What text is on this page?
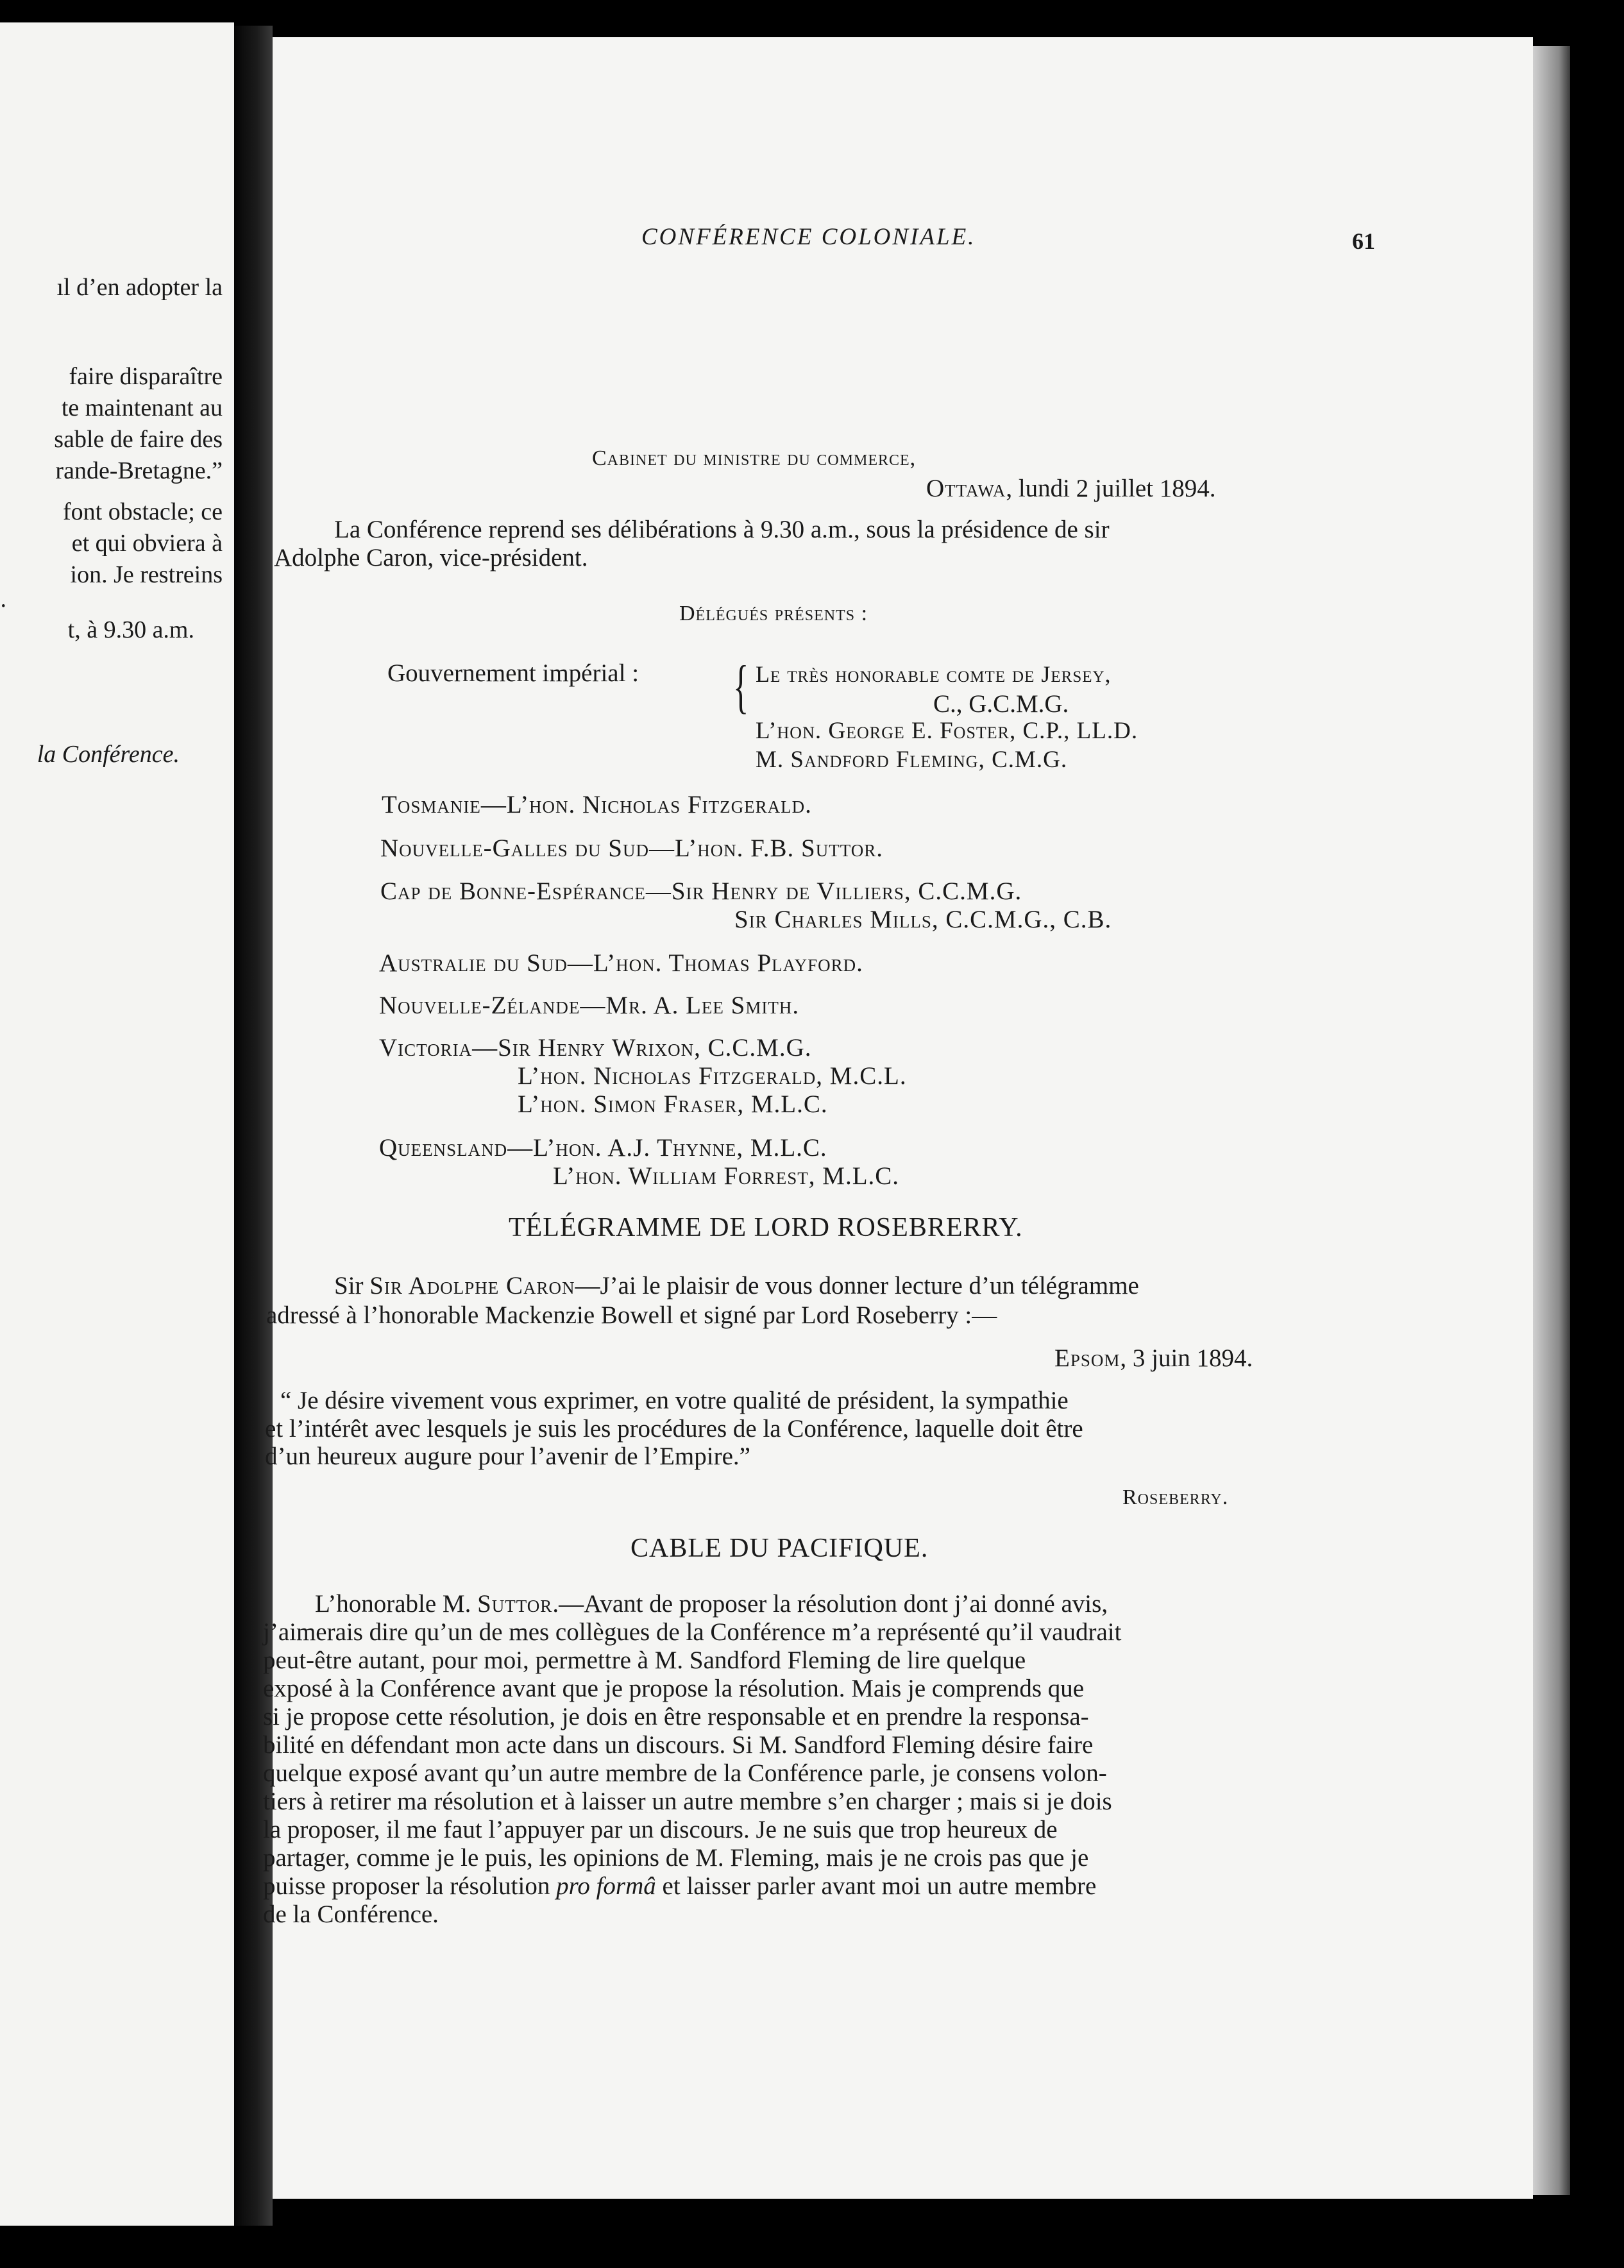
ıl d’en adopter la
faire disparaître
te maintenant au
sable de faire des
rande-Bretagne.”
font obstacle; ce
et qui obviera à
ion. Je restreins
.
t, à 9.30 a.m.
la Conférence.
CONFÉRENCE COLONIALE.	61
Cabinet du ministre du commerce,
Ottawa, lundi 2 juillet 1894.
La Conférence reprend ses délibérations à 9.30 a.m., sous la présidence de sir
Adolphe Caron, vice-président.
Délégués présents :
Gouvernement impérial : { Le très honorable comte de Jersey,
C., G.C.M.G.
L’hon. George E. Foster, C.P., LL.D.
M. Sandford Fleming, C.M.G.
Tosmanie—L’hon. Nicholas Fitzgerald.
Nouvelle-Galles du Sud—L’hon. F.B. Suttor.
Cap de Bonne-Espérance—Sir Henry de Villiers, C.C.M.G.
Sir Charles Mills, C.C.M.G., C.B.
Australie du Sud—L’hon. Thomas Playford.
Nouvelle-Zélande—Mr. A. Lee Smith.
Victoria—Sir Henry Wrixon, C.C.M.G.
L’hon. Nicholas Fitzgerald, M.C.L.
L’hon. Simon Fraser, M.L.C.
Queensland—L’hon. A.J. Thynne, M.L.C.
L’hon. William Forrest, M.L.C.
TÉLÉGRAMME DE LORD ROSEBRERRY.
Sir Sir Adolphe Caron—J’ai le plaisir de vous donner lecture d’un télégramme
adressé à l’honorable Mackenzie Bowell et signé par Lord Roseberry :—
Epsom, 3 juin 1894.
“ Je désire vivement vous exprimer, en votre qualité de président, la sympathie
et l’intérêt avec lesquels je suis les procédures de la Conférence, laquelle doit être
d’un heureux augure pour l’avenir de l’Empire.”
Roseberry.
CABLE DU PACIFIQUE.
L’honorable M. Suttor.—Avant de proposer la résolution dont j’ai donné avis,
j’aimerais dire qu’un de mes collègues de la Conférence m’a représenté qu’il vaudrait
peut-être autant, pour moi, permettre à M. Sandford Fleming de lire quelque
exposé à la Conférence avant que je propose la résolution. Mais je comprends que
si je propose cette résolution, je dois en être responsable et en prendre la responsa-
bilité en défendant mon acte dans un discours. Si M. Sandford Fleming désire faire
quelque exposé avant qu’un autre membre de la Conférence parle, je consens volon-
tiers à retirer ma résolution et à laisser un autre membre s’en charger ; mais si je dois
la proposer, il me faut l’appuyer par un discours. Je ne suis que trop heureux de
partager, comme je le puis, les opinions de M. Fleming, mais je ne crois pas que je
puisse proposer la résolution pro formâ et laisser parler avant moi un autre membre
de la Conférence.
